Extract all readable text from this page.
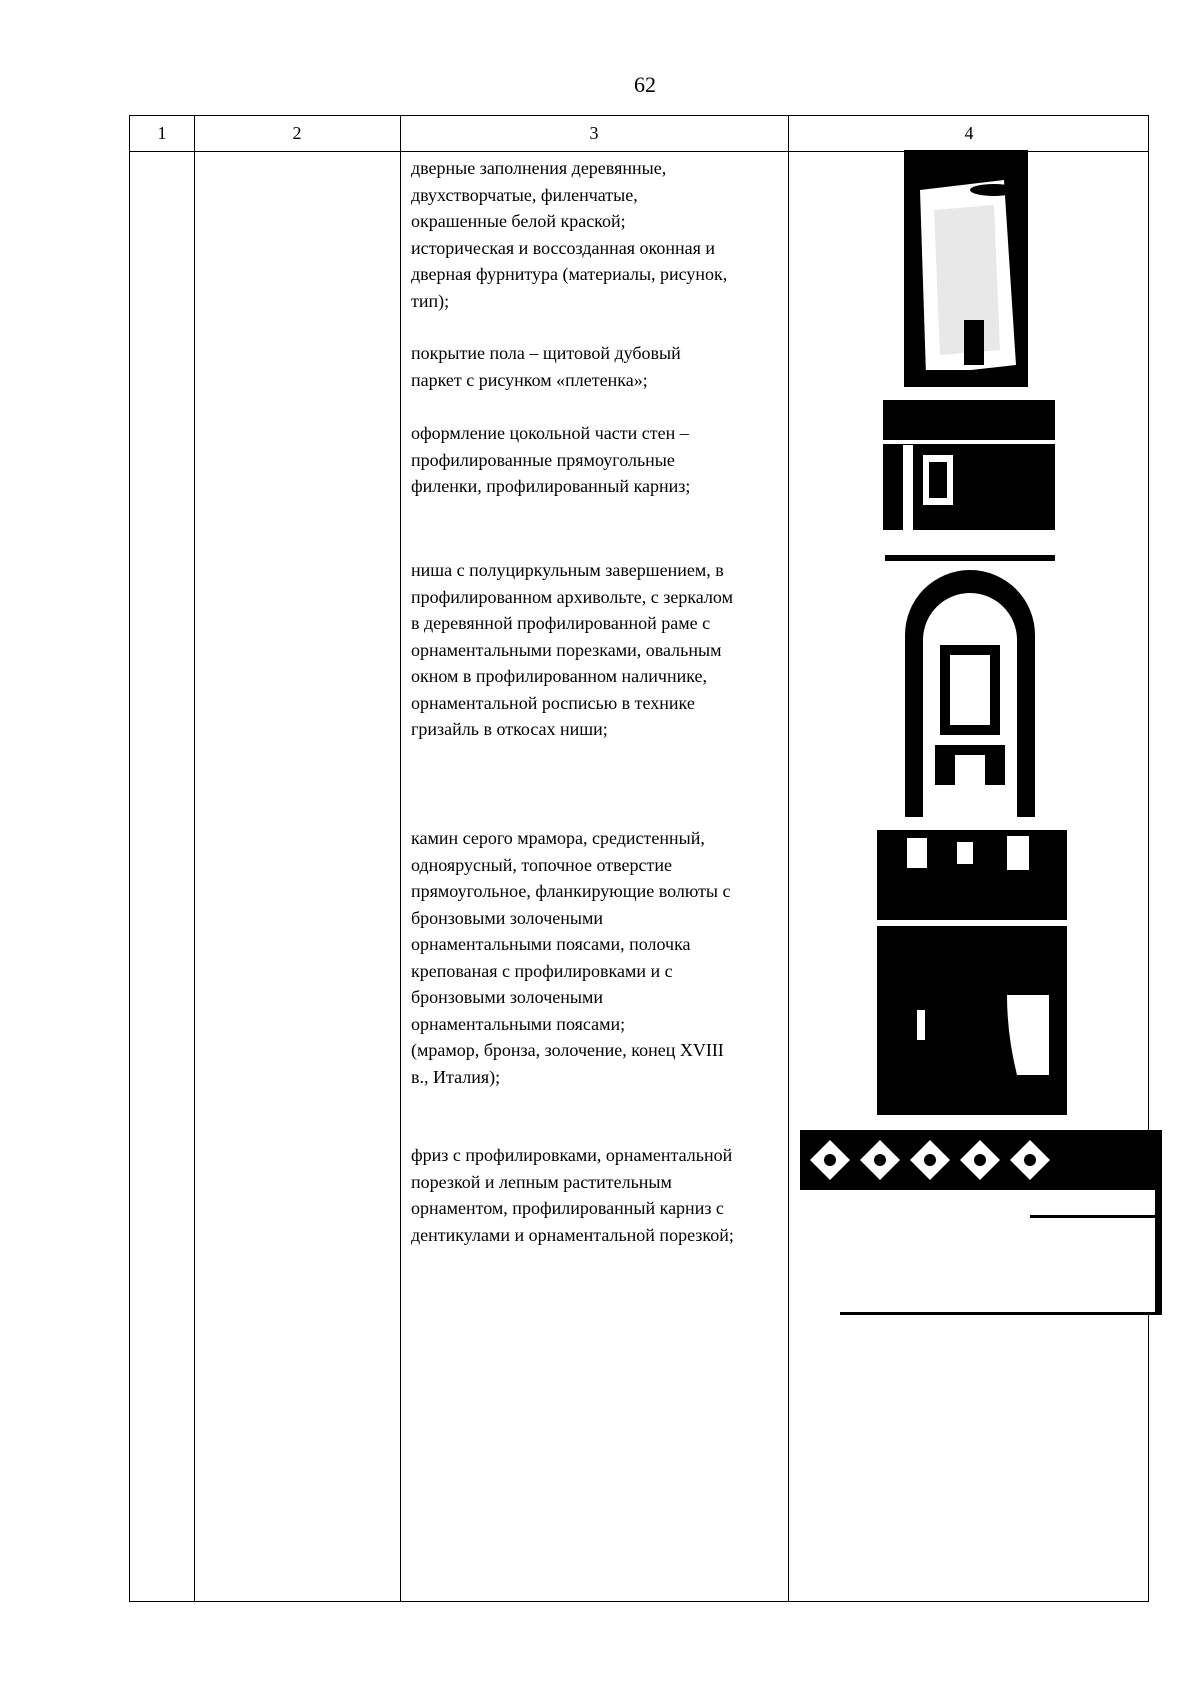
62
1	2	3	4

дверные заполнения деревянные,

двухстворчатые, филенчатые,

окрашенные белой краской;

историческая и воссозданная оконная и

дверная фурнитура (материалы, рисунок,

тип);

покрытие пола – щитовой дубовый

паркет с рисунком «плетенка»;

оформление цокольной части стен –

профилированные прямоугольные

филенки, профилированный карниз;

ниша с полуциркульным завершением, в

профилированном архивольте, с зеркалом

в деревянной профилированной раме с

орнаментальными порезками, овальным

окном в профилированном наличнике,

орнаментальной росписью в технике

гризайль в откосах ниши;

камин серого мрамора, средистенный,

одноярусный, топочное отверстие

прямоугольное, фланкирующие волюты с

бронзовыми золочеными

орнаментальными поясами, полочка

крепованая с профилировками и с

бронзовыми золочеными

орнаментальными поясами;

(мрамор, бронза, золочение, конец XVIII

в., Италия);

фриз с профилировками, орнаментальной

порезкой и лепным растительным

орнаментом, профилированный карниз с

дентикулами и орнаментальной порезкой;
